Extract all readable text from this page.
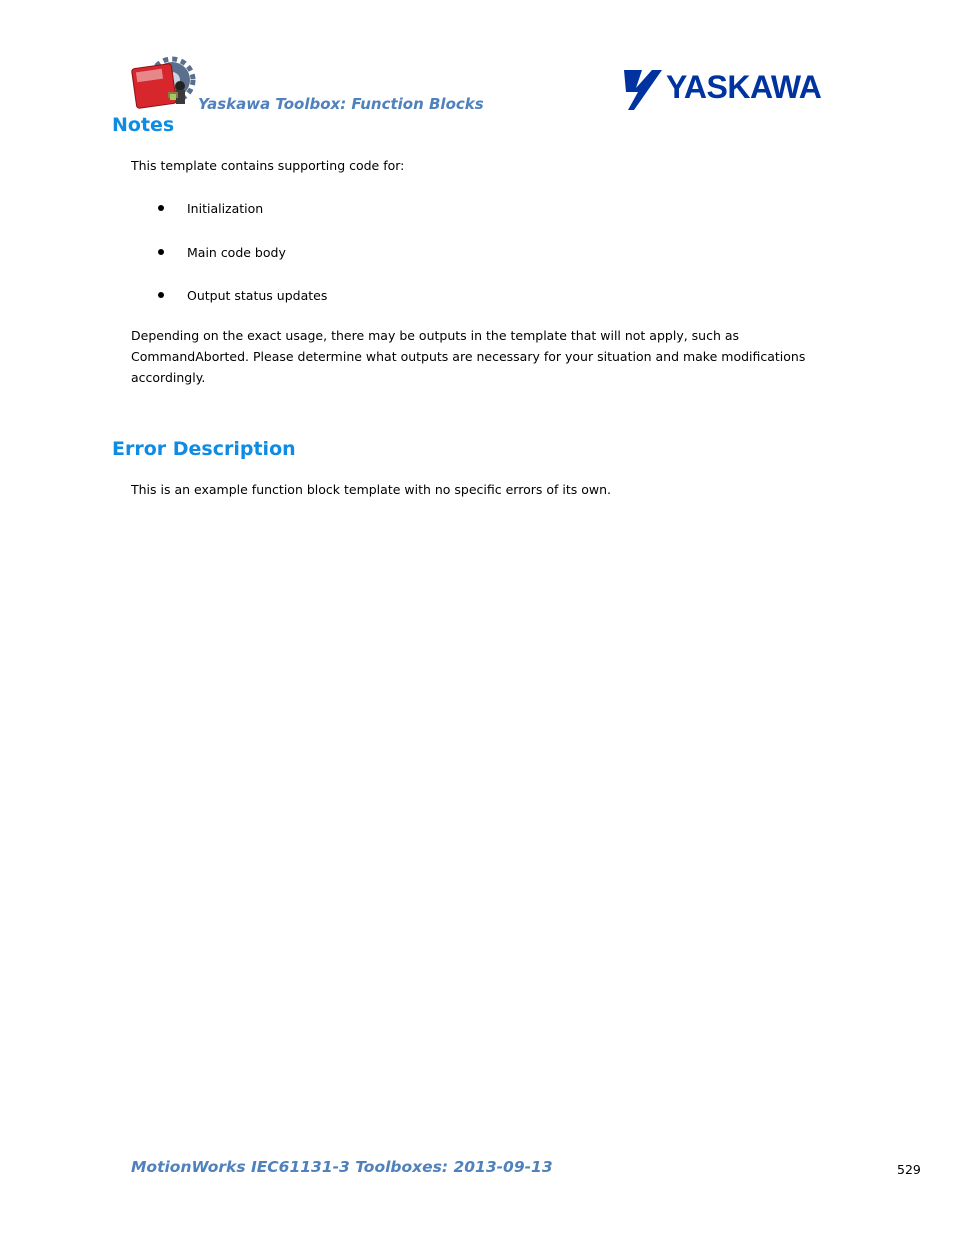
Yaskawa Toolbox: Function Blocks	YASKAWA
Notes

This template contains supporting code for:

Initialization
Main code body
Output status updates
Depending on the exact usage, there may be outputs in the template that will not apply, such as
CommandAborted. Please determine what outputs are necessary for your situation and make modifications
accordingly.
Error Description

This is an example function block template with no specific errors of its own.

MotionWorks IEC61131-3 Toolboxes: 2013-09-13	529
